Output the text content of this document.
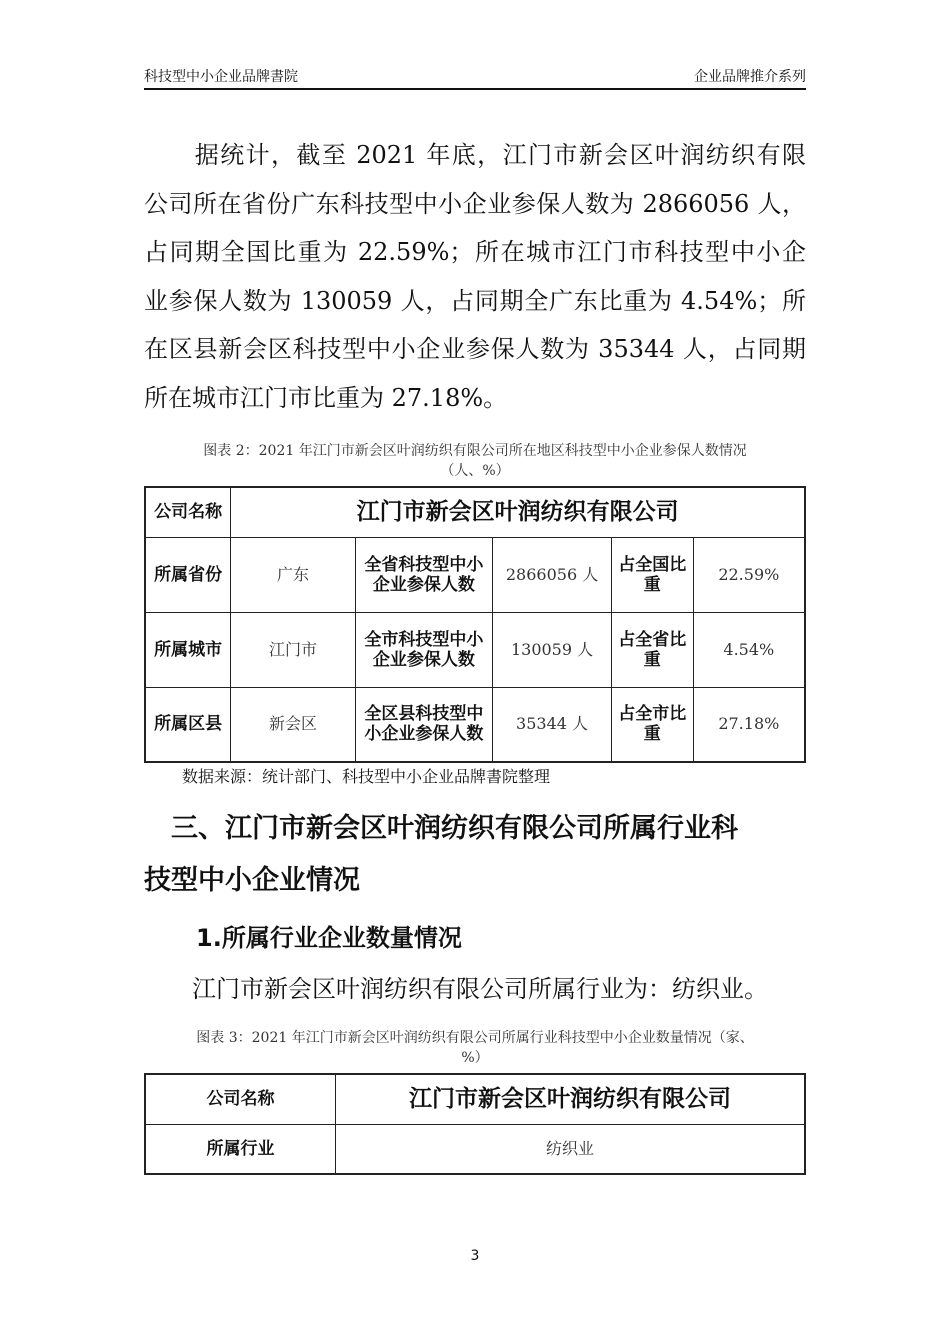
科技型中小企业品牌書院	企业品牌推介系列
　　据统计，截至 2021 年底，江门市新会区叶润纺织有限
公司所在省份广东科技型中小企业参保人数为 2866056 人，
占同期全国比重为 22.59%；所在城市江门市科技型中小企
业参保人数为 130059 人，占同期全广东比重为 4.54%；所
在区县新会区科技型中小企业参保人数为 35344 人，占同期
所在城市江门市比重为 27.18%。
图表 2：2021 年江门市新会区叶润纺织有限公司所在地区科技型中小企业参保人数情况
（人、%）
公司名称	江门市新会区叶润纺织有限公司				
所属省份	广东	全省科技型中小企业参保人数	2866056 人	占全国比重	22.59%
所属城市	江门市	全市科技型中小企业参保人数	130059 人	占全省比重	4.54%
所属区县	新会区	全区县科技型中小企业参保人数	35344 人	占全市比重	27.18%
数据来源：统计部门、科技型中小企业品牌書院整理
　三、江门市新会区叶润纺织有限公司所属行业科
技型中小企业情况
1.所属行业企业数量情况
　　江门市新会区叶润纺织有限公司所属行业为：纺织业。
图表 3：2021 年江门市新会区叶润纺织有限公司所属行业科技型中小企业数量情况（家、
%）
公司名称	江门市新会区叶润纺织有限公司
所属行业	纺织业
3
